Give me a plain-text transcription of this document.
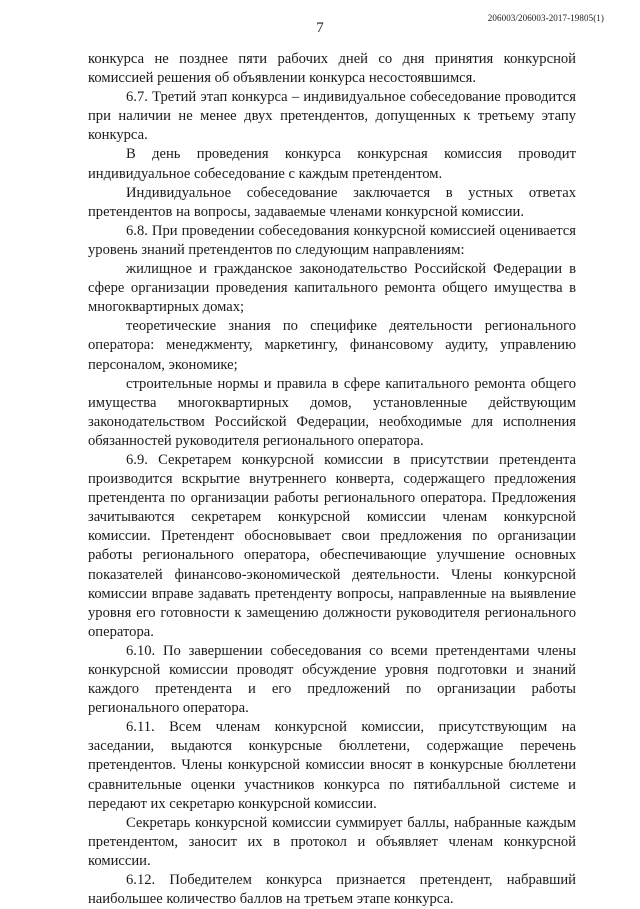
7
206003/206003-2017-19805(1)

конкурса не позднее пяти рабочих дней со дня принятия конкурсной комиссией решения об объявлении конкурса несостоявшимся.

6.7. Третий этап конкурса – индивидуальное собеседование проводится при наличии не менее двух претендентов, допущенных к третьему этапу конкурса.

В день проведения конкурса конкурсная комиссия проводит индивидуальное собеседование с каждым претендентом.

Индивидуальное собеседование заключается в устных ответах претендентов на вопросы, задаваемые членами конкурсной комиссии.

6.8. При проведении собеседования конкурсной комиссией оценивается уровень знаний претендентов по следующим направлениям:

жилищное и гражданское законодательство Российской Федерации в сфере организации проведения капитального ремонта общего имущества в многоквартирных домах;

теоретические знания по специфике деятельности регионального оператора: менеджменту, маркетингу, финансовому аудиту, управлению персоналом, экономике;

строительные нормы и правила в сфере капитального ремонта общего имущества многоквартирных домов, установленные действующим законодательством Российской Федерации, необходимые для исполнения обязанностей руководителя регионального оператора.

6.9. Секретарем конкурсной комиссии в присутствии претендента производится вскрытие внутреннего конверта, содержащего предложения претендента по организации работы регионального оператора. Предложения зачитываются секретарем конкурсной комиссии членам конкурсной комиссии. Претендент обосновывает свои предложения по организации работы регионального оператора, обеспечивающие улучшение основных показателей финансово-экономической деятельности. Члены конкурсной комиссии вправе задавать претенденту вопросы, направленные на выявление уровня его готовности к замещению должности руководителя регионального оператора.

6.10. По завершении собеседования со всеми претендентами члены конкурсной комиссии проводят обсуждение уровня подготовки и знаний каждого претендента и его предложений по организации работы регионального оператора.

6.11. Всем членам конкурсной комиссии, присутствующим на заседании, выдаются конкурсные бюллетени, содержащие перечень претендентов. Члены конкурсной комиссии вносят в конкурсные бюллетени сравнительные оценки участников конкурса по пятибалльной системе и передают их секретарю конкурсной комиссии.

Секретарь конкурсной комиссии суммирует баллы, набранные каждым претендентом, заносит их в протокол и объявляет членам конкурсной комиссии.

6.12. Победителем конкурса признается претендент, набравший наибольшее количество баллов на третьем этапе конкурса.
